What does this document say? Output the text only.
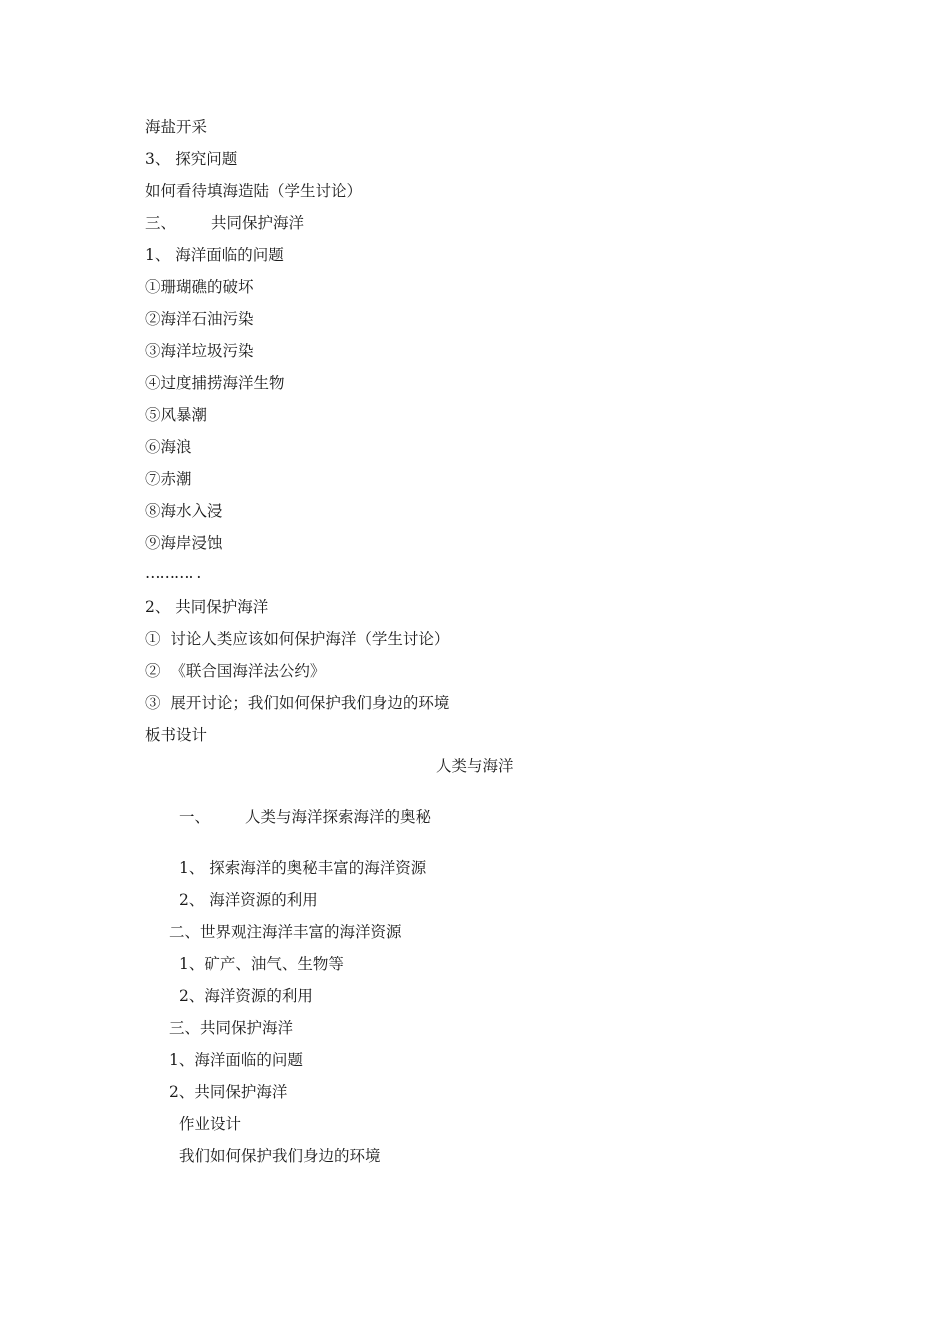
海盐开采
3、 探究问题
如何看待填海造陆（学生讨论）
三、 共同保护海洋
1、 海洋面临的问题
①珊瑚礁的破坏
②海洋石油污染
③海洋垃圾污染
④过度捕捞海洋生物
⑤风暴潮
⑥海浪
⑦赤潮
⑧海水入浸
⑨海岸浸蚀
………. .
2、 共同保护海洋
①  讨论人类应该如何保护海洋（学生讨论）
②  《联合国海洋法公约》
③  展开讨论；我们如何保护我们身边的环境
板书设计
人类与海洋
一、 人类与海洋探索海洋的奥秘
1、 探索海洋的奥秘丰富的海洋资源
2、 海洋资源的利用
二、世界观注海洋丰富的海洋资源
1、矿产、油气、生物等
2、海洋资源的利用
三、共同保护海洋
1、海洋面临的问题
2、共同保护海洋
作业设计
我们如何保护我们身边的环境
